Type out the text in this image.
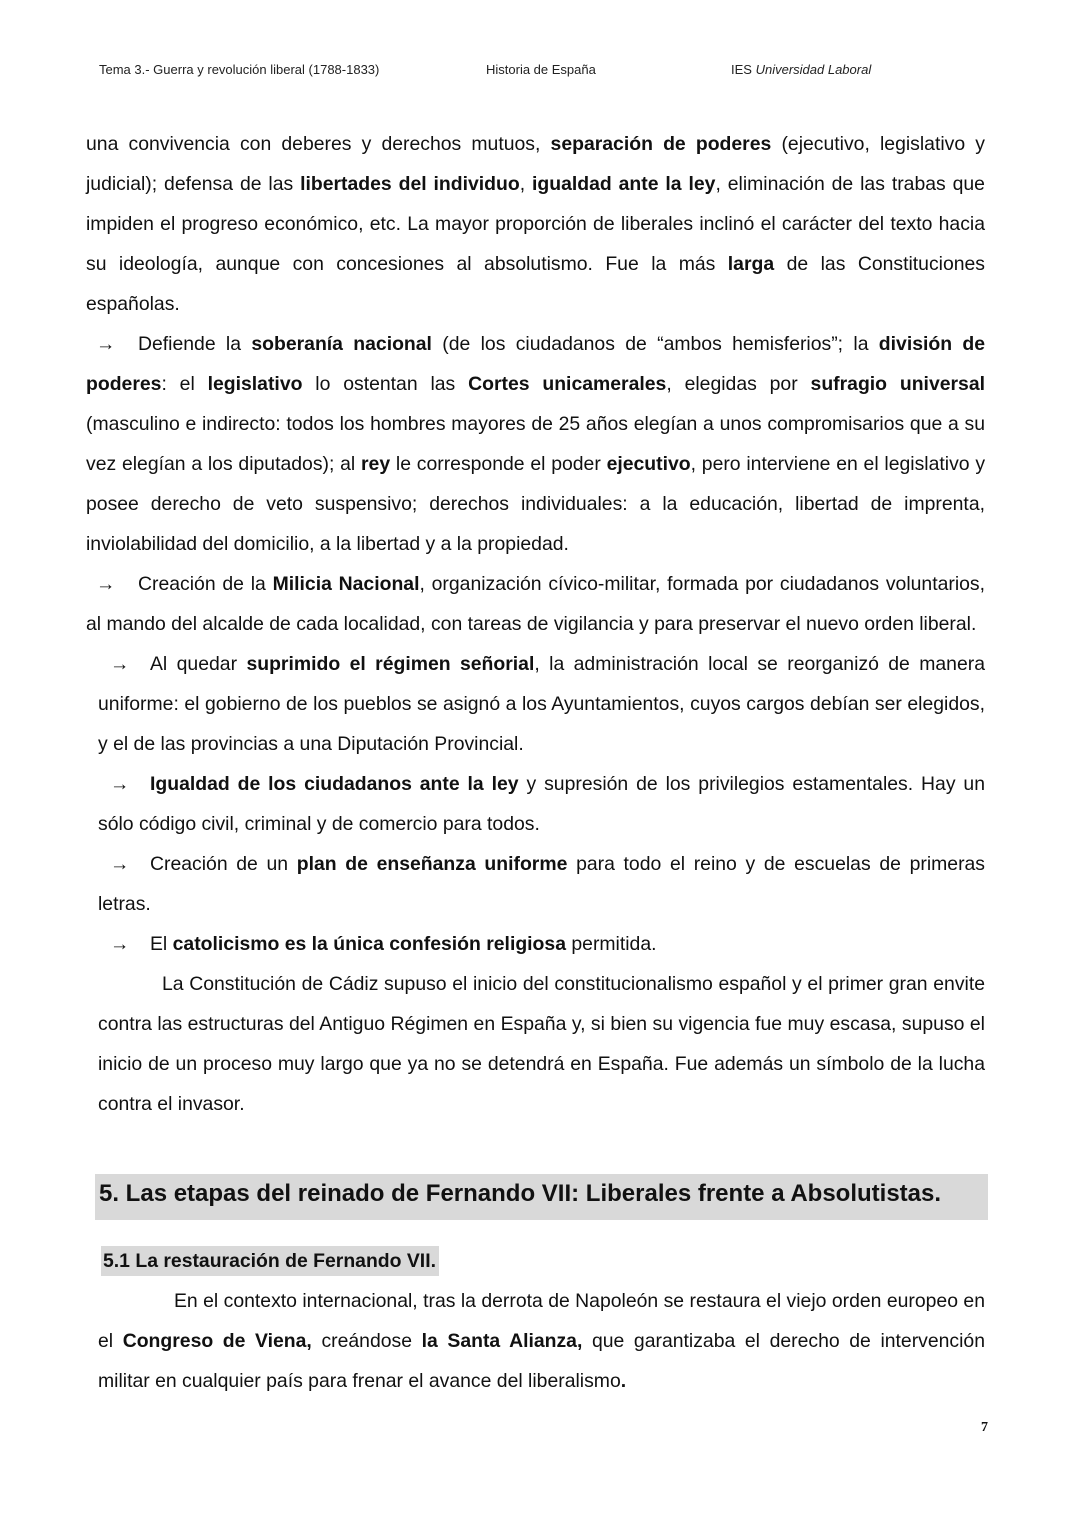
Tema 3.- Guerra y revolución liberal (1788-1833)	Historia de España	IES Universidad Laboral

una convivencia con deberes y derechos mutuos, separación de poderes (ejecutivo, legislativo y judicial); defensa de las libertades del individuo, igualdad ante la ley, eliminación de las trabas que impiden el progreso económico, etc. La mayor proporción de liberales inclinó el carácter del texto hacia su ideología, aunque con concesiones al absolutismo. Fue la más larga de las Constituciones españolas.

→ Defiende la soberanía nacional (de los ciudadanos de “ambos hemisferios”; la división de poderes: el legislativo lo ostentan las Cortes unicamerales, elegidas por sufragio universal (masculino e indirecto: todos los hombres mayores de 25 años elegían a unos compromisarios que a su vez elegían a los diputados); al rey le corresponde el poder ejecutivo, pero interviene en el legislativo y posee derecho de veto suspensivo; derechos individuales: a la educación, libertad de imprenta, inviolabilidad del domicilio, a la libertad y a la propiedad.

→ Creación de la Milicia Nacional, organización cívico-militar, formada por ciudadanos voluntarios, al mando del alcalde de cada localidad, con tareas de vigilancia y para preservar el nuevo orden liberal.

→ Al quedar suprimido el régimen señorial, la administración local se reorganizó de manera uniforme: el gobierno de los pueblos se asignó a los Ayuntamientos, cuyos cargos debían ser elegidos, y el de las provincias a una Diputación Provincial.

→ Igualdad de los ciudadanos ante la ley y supresión de los privilegios estamentales. Hay un sólo código civil, criminal y de comercio para todos.

→ Creación de un plan de enseñanza uniforme para todo el reino y de escuelas de primeras letras.

→ El catolicismo es la única confesión religiosa permitida.

La Constitución de Cádiz supuso el inicio del constitucionalismo español y el primer gran envite contra las estructuras del Antiguo Régimen en España y, si bien su vigencia fue muy escasa, supuso el inicio de un proceso muy largo que ya no se detendrá en España. Fue además un símbolo de la lucha contra el invasor.

5. Las etapas del reinado de Fernando VII: Liberales frente a Absolutistas.
5.1 La restauración de Fernando VII.

En el contexto internacional, tras la derrota de Napoleón se restaura el viejo orden europeo en el Congreso de Viena, creándose la Santa Alianza, que garantizaba el derecho de intervención militar en cualquier país para frenar el avance del liberalismo.

7
